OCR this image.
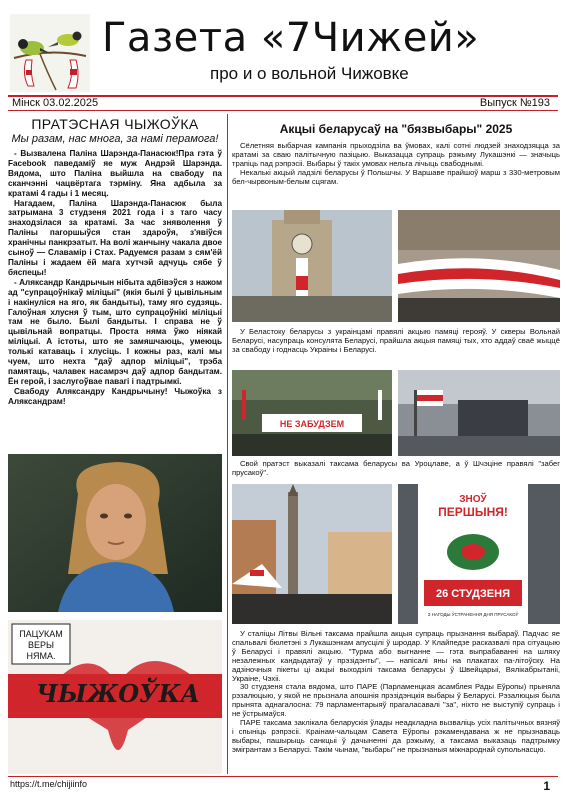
Газета «7Чижей»
про и о вольной Чижовке
Мінск 03.02.2025	Выпуск №193
ПРАТЭСНАЯ ЧЫЖОЎКА
Мы разам, нас многа, за намі перамога!

- Вызвалена Паліна Шарэнда-Панасюк!Пра гэта ў Facebook паведаміў яе муж Андрэй Шарэнда. Вядома, што Паліна выйшла на свабоду па сканчэнні чацвёртага тэрміну. Яна адбыла за кратамі 4 гады і 1 месяц.

Нагадаем, Паліна Шарэнда-Панасюк была затрымана 3 студзеня 2021 года і з таго часу знаходзілася за кратамі. За час зняволення ў Паліны пагоршыўся стан здароўя, з'явіўся хранічны панкрэатыт. На волі жанчыну чакала двое сыноў — Славамір і Стах. Радуемся разам з сям'ёй Паліны і жадаем ёй мага хутчэй адчуць сябе ў бяспецы!

- Аляксандр Кандрычын нібыта адбівэўся з нажом ад "супрацоўнікаў міліцыі" (якія былі ў цывільным і накінуліся на яго, як бандыты), таму яго судзяць. Галоўная хлусня ў тым, што супрацоўнікі міліцыі там не было. Былі бандыты. І справа не ў цывільнай вопратцы. Проста няма ўжо ніякай міліцыі. А істоты, што яе замяшчаюць, умеюць толькі катаваць і хлусіць. І кожны раз, калі мы чуем, што нехта "даў адпор міліцыі", трэба памятаць, чалавек насамрэч даў адпор бандытам. Ён герой, і заслугоўвае павагі і падтрымкі.

Свабоду Аляксандру Кандрычыну! Чыжоўка з Аляксандрам!

ПАЦУКАМ
ВЕРЫ
НЯМА.
ЧЫЖОЎКА
Акцыі беларусаў на "бязвыбары" 2025

Сёлетняя выбарчая кампанія прыходзіла ва ўмовах, калі сотні людзей знаходзяцца за кратамі за сваю палітычную пазіцыю. Выказацца супраць рэжыму Лукашэнкі — значыць трапіць пад рэпрэсіі. Выбары ў такіх умовах нельга лічыць свабоднымі.

Некалькі акцый ладзілі беларусы ў Польшчы. У Варшаве прайшоў марш з 330-метровым бел-чырвоным-белым сцягам.

У Беластоку беларусы з украінцамі правялі акцыю памяці герояў. У скверы Вольнай Беларусі, насупраць консулята Беларусі, прайшла акцыя памяці тых, хто аддаў сваё жыццё за свабоду і годнасць Украіны і Беларусі.

НЕ ЗАБУДЗЕМ

Свой пратэст выказалі таксама беларусы ва Уроцлаве, а ў Шчэціне правялі "забег прусакоў".

ЗНОЎ
ПЕРШЫНЯ!
26 СТУДЗЕНЯ
З НАГОДЫ ЎСТРАНЕННЯ ДНЯ ПРУСАКОЎ

У сталіцы Літвы Вільні таксама прайшла акцыя супраць прызнання выбараў. Падчас яе спальвалі бюлетэні з Лукашэнкам апусцілі ў шродар. У Клайпедзе расказвалі пра сітуацыю ў Беларусі і правялі акцыю. "Турма або выгнанне — гэта выпрабаванні на шляху незалежных кандыдатаў у прэзідэнты", — напісалі яны на плакатах па-літоўску. На адзіночныя пікеты ці акцыі выходзілі таксама беларусы ў Швейцарыі, Вялікабрытаніі, Украіне, Чэхіі.

30 студзеня стала вядома, што ПАРЕ (Парламенцкая асамблея Рады Еўропы) прыняла рэзалюцыю, у якой не прызнала апошнія прэзідэнцкія выбары ў Беларусі. Рэзалюцыя была прынята аднагалосна: 79 парламентарыяў прагаласавалі "за", ніхто не выступіў супраць і не ўстрымаўся.

ПАРЕ таксама заклікала беларускія ўлады неадкладна вызваліць усіх палітычных вязняў і спыніць рэпрэсіі. Краінам-чальцам Савета Еўропы рэкамендавана ж не прызнаваць выбары, пашырыць санкцыі ў дачыненні да рэжыму, а таксама выказаць падтрымку эмігрантам з Беларусі. Такім чынам, "выбары" не прызнаныя міжнароднай супольнасцю.

https://t.me/chijiinfo	1
